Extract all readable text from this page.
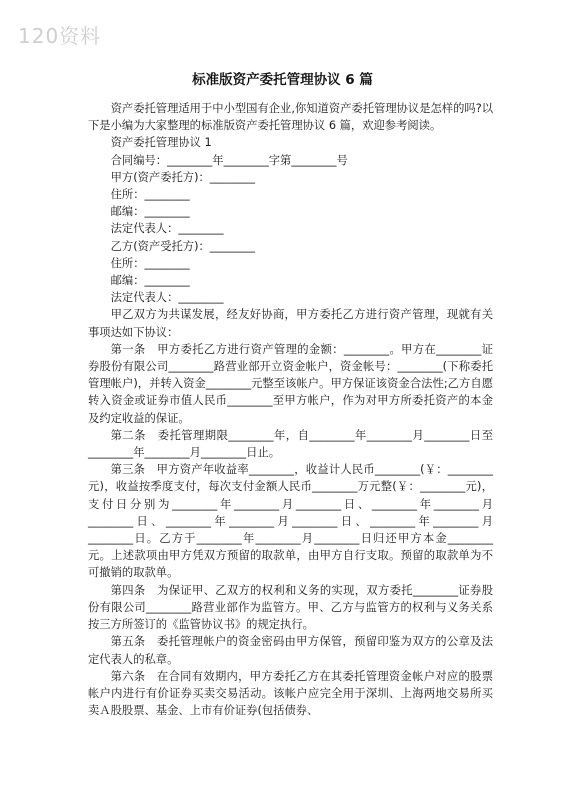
120资料
标准版资产委托管理协议 6 篇

资产委托管理适用于中小型国有企业,你知道资产委托管理协议是怎样的吗?以下是小编为大家整理的标准版资产委托管理协议 6 篇，欢迎参考阅读。

资产委托管理协议 1

合同编号：________年________字第________号

甲方(资产委托方)：________

住所：________

邮编：________

法定代表人：________

乙方(资产受托方)：________

住所：________

邮编：________

法定代表人：________

甲乙双方为共谋发展，经友好协商，甲方委托乙方进行资产管理，现就有关事项达如下协议：

第一条　甲方委托乙方进行资产管理的金额：________。甲方在________证券股份有限公司________路营业部开立资金帐户，资金帐号：________(下称委托管理帐户)，并转入资金________元整至该帐户。甲方保证该资金合法性;乙方自愿转入资金或证券市值人民币________至甲方帐户，作为对甲方所委托资产的本金及约定收益的保证。

第二条　委托管理期限________年，自________年________月________日至________年________月________日止。

第三条　甲方资产年收益率________，收益计人民币________(￥：________元)，收益按季度支付，每次支付金额人民币________万元整(￥：________元)，支付日分别为________年________月________日、________年________月________日、________年________月________日、________年________月________日。乙方于________年________月________日归还甲方本金________元。上述款项由甲方凭双方预留的取款单，由甲方自行支取。预留的取款单为不可撤销的取款单。

第四条　为保证甲、乙双方的权利和义务的实现，双方委托________证券股份有限公司________路营业部作为监管方。甲、乙方与监管方的权利与义务关系按三方所签订的《监管协议书》的规定执行。

第五条　委托管理帐户的资金密码由甲方保管，预留印鉴为双方的公章及法定代表人的私章。

第六条　在合同有效期内，甲方委托乙方在其委托管理资金帐户对应的股票帐户内进行有价证券买卖交易活动。该帐户应完全用于深圳、上海两地交易所买卖Ａ股股票、基金、上市有价证券(包括债券、
